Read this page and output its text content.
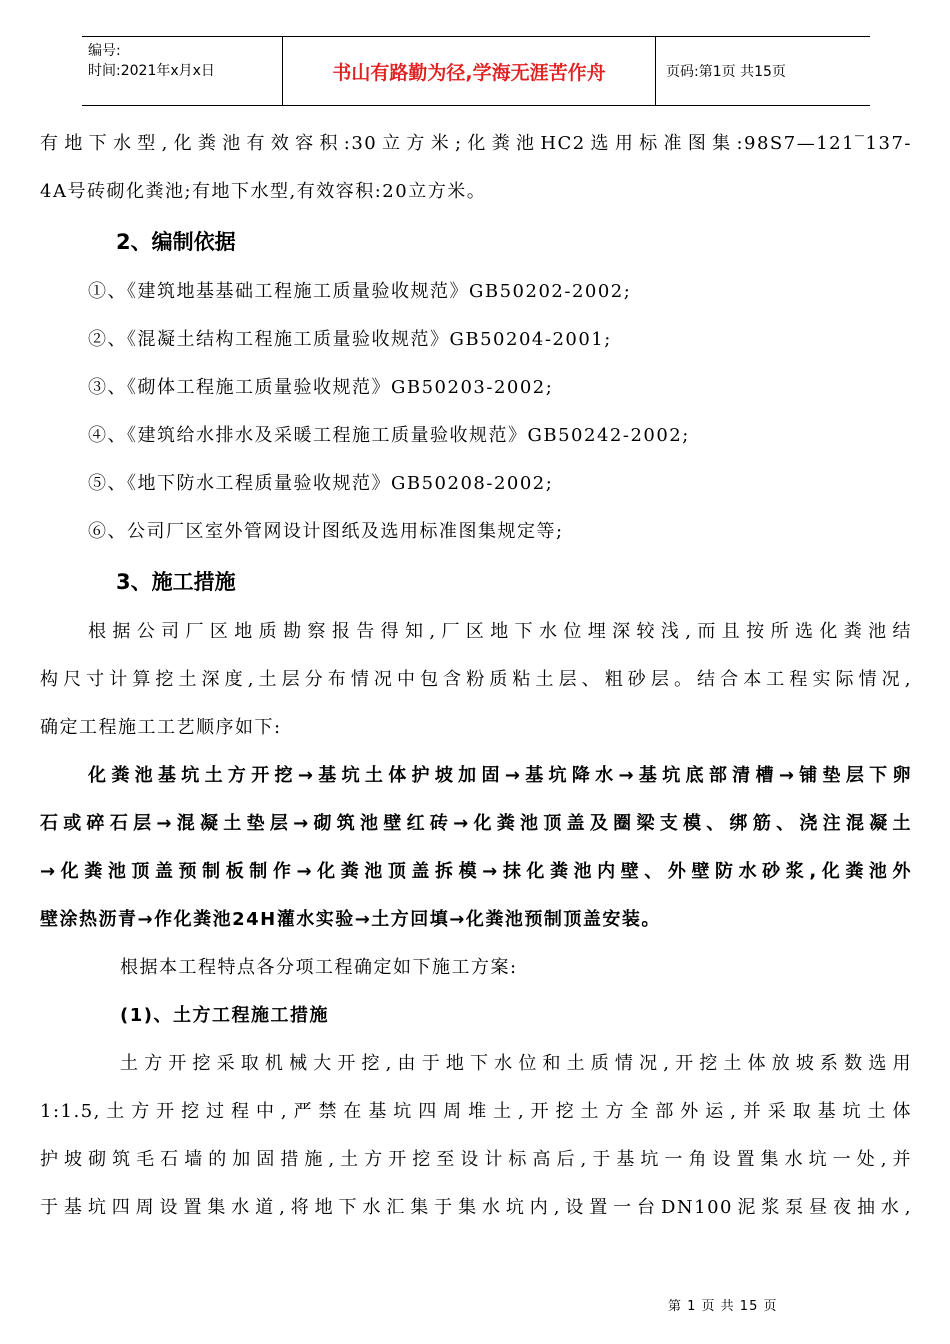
编号:
时间:2021年x月x日	书山有路勤为径,学海无涯苦作舟	页码:第1页 共15页
有地下水型,化粪池有效容积:30立方米;化粪池HC2选用标准图集:98S7—121‾137-
4A号砖砌化粪池;有地下水型,有效容积:20立方米。
2、编制依据
①、《建筑地基基础工程施工质量验收规范》GB50202-2002;
②、《混凝土结构工程施工质量验收规范》GB50204-2001;
③、《砌体工程施工质量验收规范》GB50203-2002;
④、《建筑给水排水及采暖工程施工质量验收规范》GB50242-2002;
⑤、《地下防水工程质量验收规范》GB50208-2002;
⑥、公司厂区室外管网设计图纸及选用标准图集规定等;
3、施工措施
根据公司厂区地质勘察报告得知,厂区地下水位埋深较浅,而且按所选化粪池结
构尺寸计算挖土深度,土层分布情况中包含粉质粘土层、粗砂层。结合本工程实际情况,
确定工程施工工艺顺序如下:
化粪池基坑土方开挖→基坑土体护坡加固→基坑降水→基坑底部清槽→铺垫层下卵
石或碎石层→混凝土垫层→砌筑池壁红砖→化粪池顶盖及圈梁支模、绑筋、浇注混凝土
→化粪池顶盖预制板制作→化粪池顶盖拆模→抹化粪池内壁、外壁防水砂浆,化粪池外
壁涂热沥青→作化粪池24H灌水实验→土方回填→化粪池预制顶盖安装。
根据本工程特点各分项工程确定如下施工方案:
(1)、土方工程施工措施
土方开挖采取机械大开挖,由于地下水位和土质情况,开挖土体放坡系数选用
1:1.5,土方开挖过程中,严禁在基坑四周堆土,开挖土方全部外运,并采取基坑土体
护坡砌筑毛石墙的加固措施,土方开挖至设计标高后,于基坑一角设置集水坑一处,并
于基坑四周设置集水道,将地下水汇集于集水坑内,设置一台DN100泥浆泵昼夜抽水,
第 1 页 共 15 页
